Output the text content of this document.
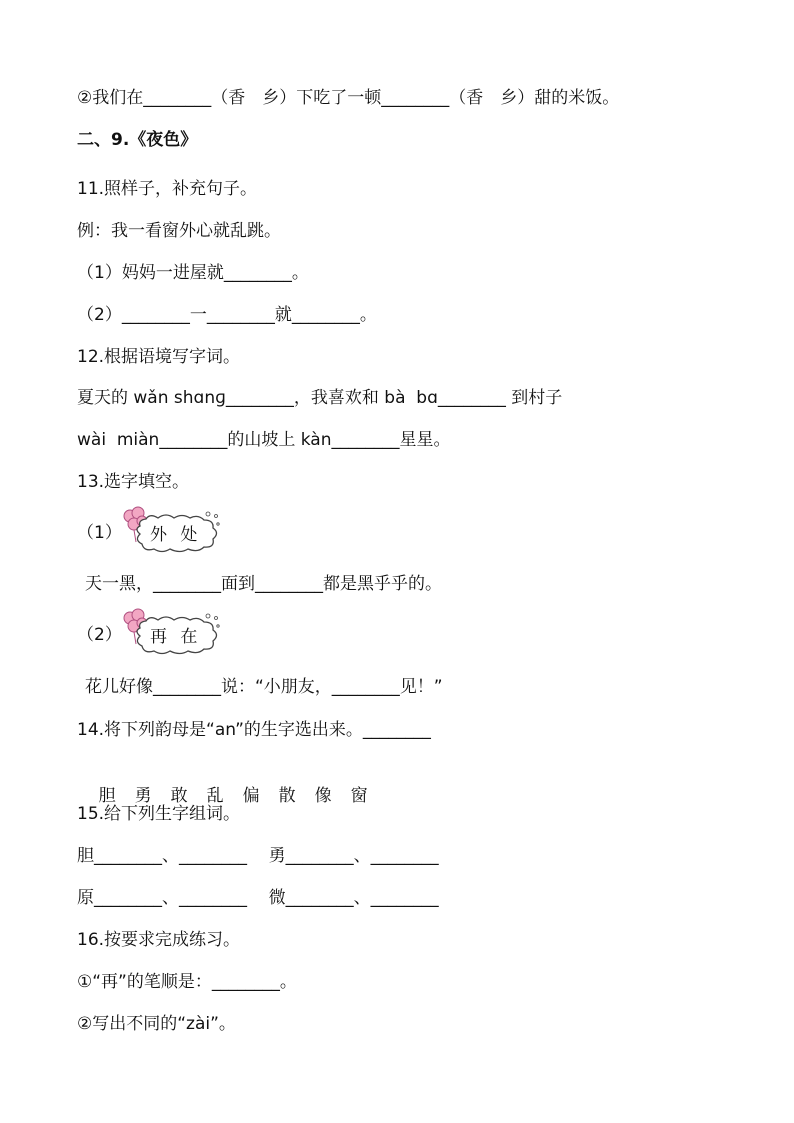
②我们在________（香　乡）下吃了一顿________（香　乡）甜的米饭。
二、9.《夜色》
11.照样子，补充句子。
例：我一看窗外心就乱跳。
（1）妈妈一进屋就________。
（2）________一________就________。
12.根据语境写字词。
夏天的 wǎn shɑnɡ________，我喜欢和 bà  bɑ________ 到村子
wài  miàn________的山坡上 kàn________星星。
13.选字填空。
（1） 外 处
天一黑，________面到________都是黑乎乎的。
（2） 再 在
花儿好像________说：“小朋友，________见！”
14.将下列韵母是“an”的生字选出来。________

胆 勇 敢 乱 偏 散 像 窗

15.给下列生字组词。
胆________、________    勇________、________
原________、________    微________、________
16.按要求完成练习。
①“再”的笔顺是：________。
②写出不同的“zài”。
